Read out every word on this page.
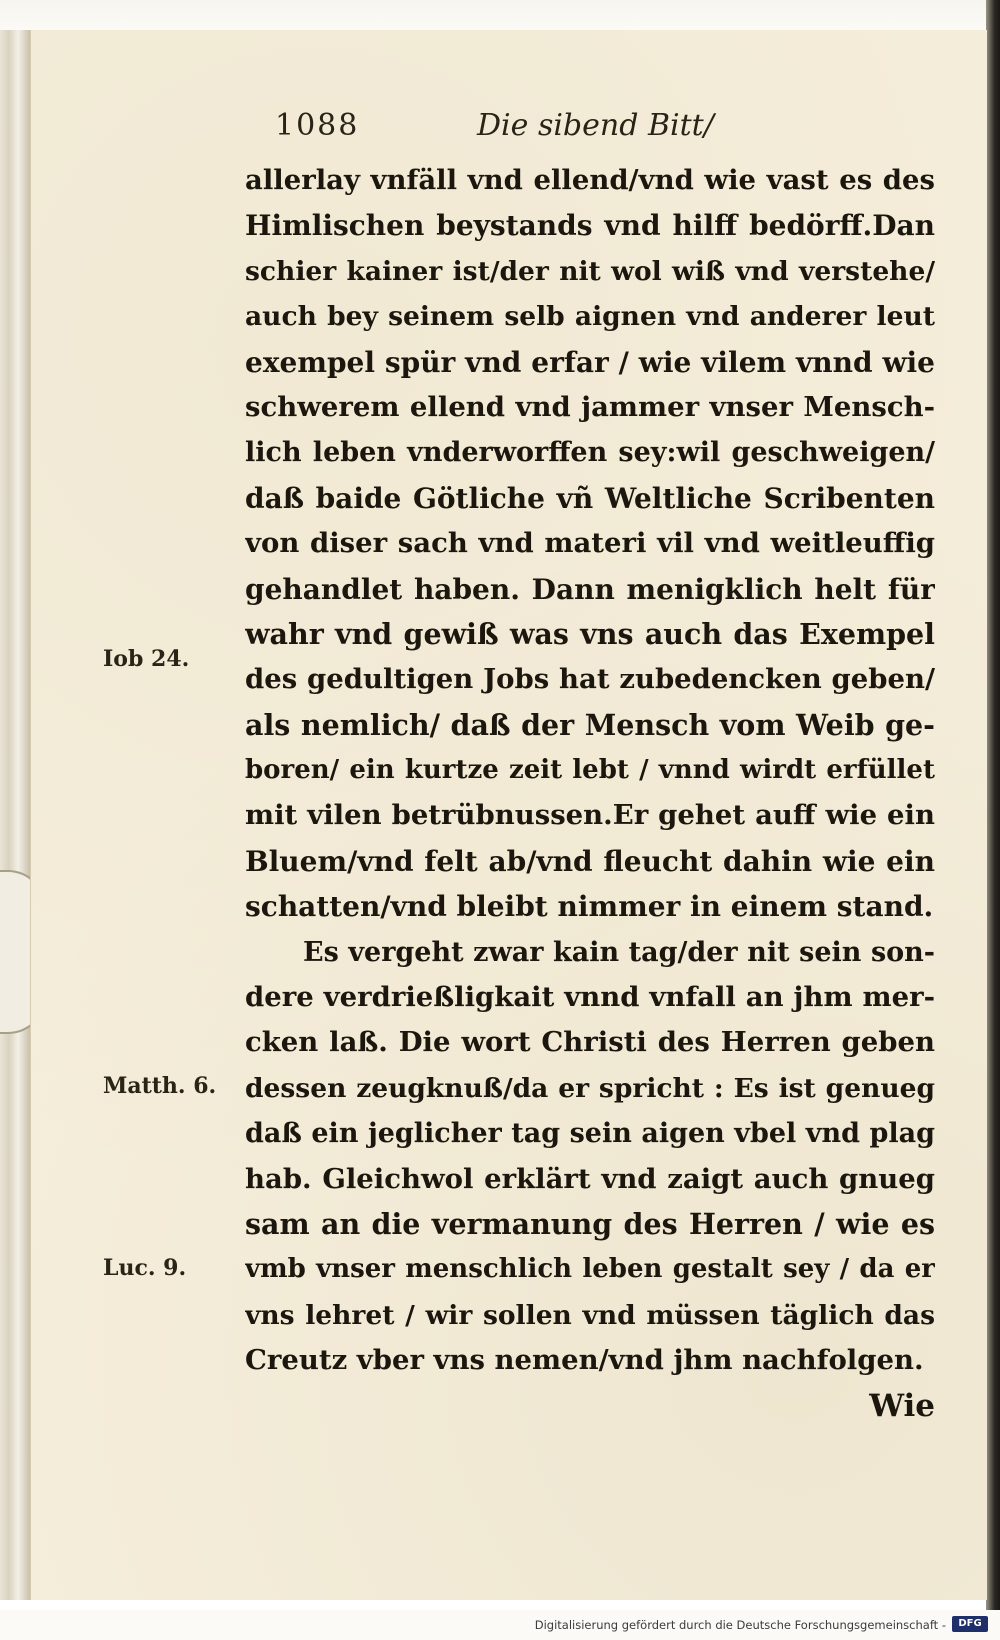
1088	Die sibend Bitt/
Iob 24.
Matth. 6.
Luc. 9.
allerlay vnfäll vnd ellend/vnd wie vast es des
Himlischen beystands vnd hilff bedörff.Dan
schier kainer ist/der nit wol wiß vnd verstehe/
auch bey seinem selb aignen vnd anderer leut
exempel spür vnd erfar / wie vilem vnnd wie
schwerem ellend vnd jammer vnser Mensch-
lich leben vnderworffen sey:wil geschweigen/
daß baide Götliche vñ Weltliche Scribenten
von diser sach vnd materi vil vnd weitleuffig
gehandlet haben. Dann menigklich helt für
wahr vnd gewiß was vns auch das Exempel
des gedultigen Jobs hat zubedencken geben/
als nemlich/ daß der Mensch vom Weib ge-
boren/ ein kurtze zeit lebt / vnnd wirdt erfüllet
mit vilen betrübnussen.Er gehet auff wie ein
Bluem/vnd felt ab/vnd fleucht dahin wie ein
schatten/vnd bleibt nimmer in einem stand.
Es vergeht zwar kain tag/der nit sein son-
dere verdrießligkait vnnd vnfall an jhm mer-
cken laß. Die wort Christi des Herren geben
dessen zeugknuß/da er spricht : Es ist genueg
daß ein jeglicher tag sein aigen vbel vnd plag
hab. Gleichwol erklärt vnd zaigt auch gnueg
sam an die vermanung des Herren / wie es
vmb vnser menschlich leben gestalt sey / da er
vns lehret / wir sollen vnd müssen täglich das
Creutz vber vns nemen/vnd jhm nachfolgen.
Wie
Digitalisierung gefördert durch die Deutsche Forschungsgemeinschaft -	DFG
